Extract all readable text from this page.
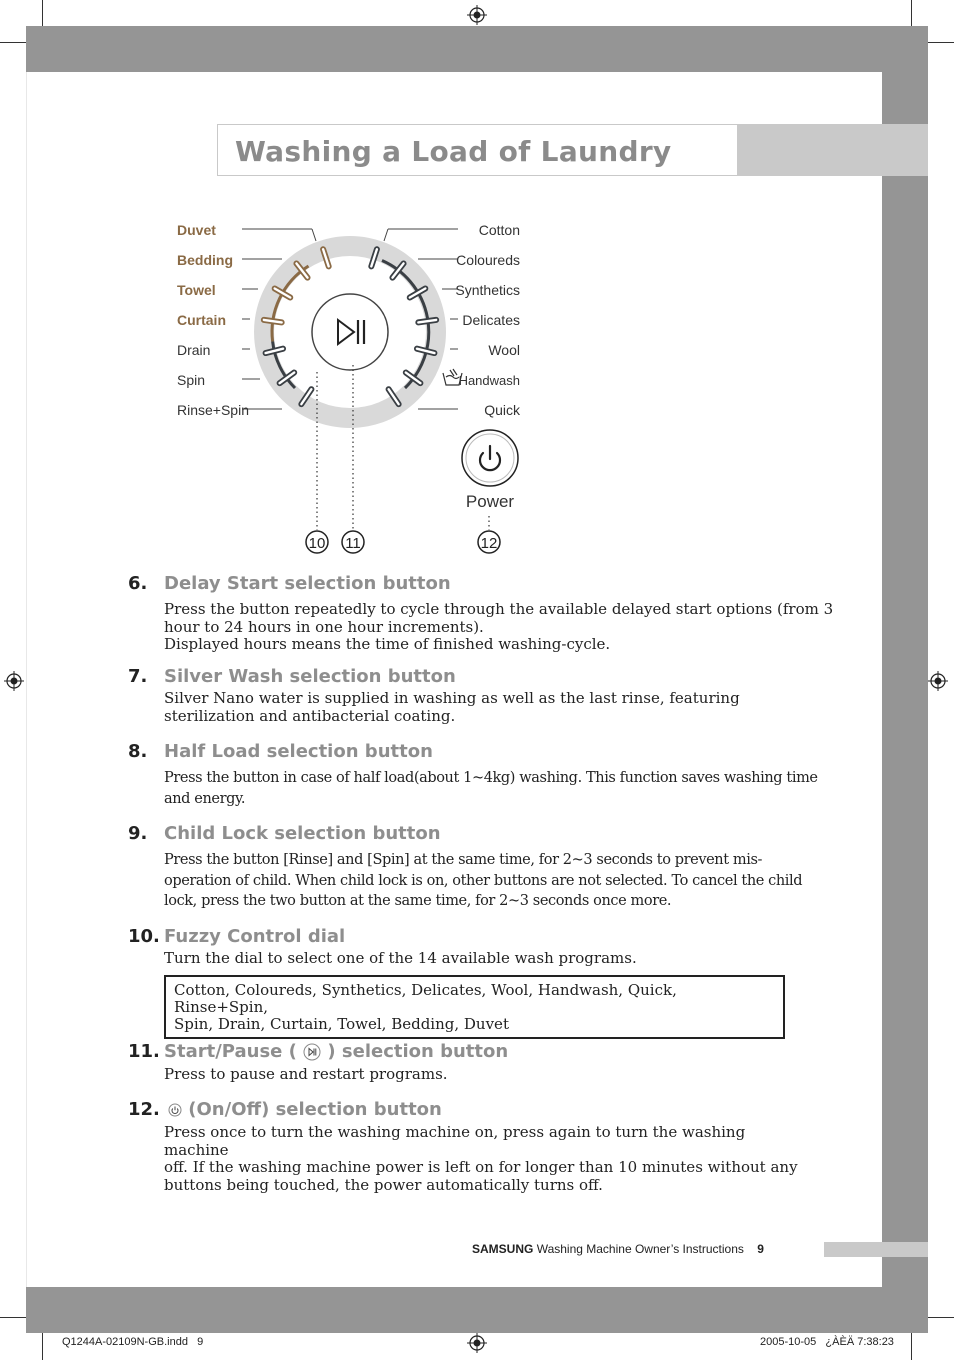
Washing a Load of Laundry
Duvet
Bedding
Towel
Curtain
Drain
Spin
Rinse+Spin
Cotton
Coloureds
Synthetics
Delicates
Wool
Handwash
Quick
Power
10 11	12
6. Delay Start selection button
Press the button repeatedly to cycle through the available delayed start options (from 3
hour to 24 hours in one hour increments).
Displayed hours means the time of finished washing-cycle.
7. Silver Wash selection button
Silver Nano water is supplied in washing as well as the last rinse, featuring
sterilization and antibacterial coating.
8. Half Load selection button
Press the button in case of half load(about 1~4kg) washing. This function saves washing time
and energy.
9. Child Lock selection button
Press the button [Rinse] and [Spin] at the same time, for 2~3 seconds to prevent mis-
operation of child. When child lock is on, other buttons are not selected. To cancel the child
lock, press the two button at the same time, for 2~3 seconds once more.
10. Fuzzy Control dial
Turn the dial to select one of the 14 available wash programs.
Cotton, Coloureds, Synthetics, Delicates, Wool, Handwash, Quick, Rinse+Spin,
Spin, Drain, Curtain, Towel, Bedding, Duvet
11. Start/Pause ( ) selection button
Press to pause and restart programs.
12.	(On/Off) selection button
Press once to turn the washing machine on, press again to turn the washing machine
off. If the washing machine power is left on for longer than 10 minutes without any
buttons being touched, the power automatically turns off.
SAMSUNG Washing Machine Owner’s Instructions 9
Q1244A-02109N-GB.indd   9	2005-10-05   ¿ÀÈÄ 7:38:23
